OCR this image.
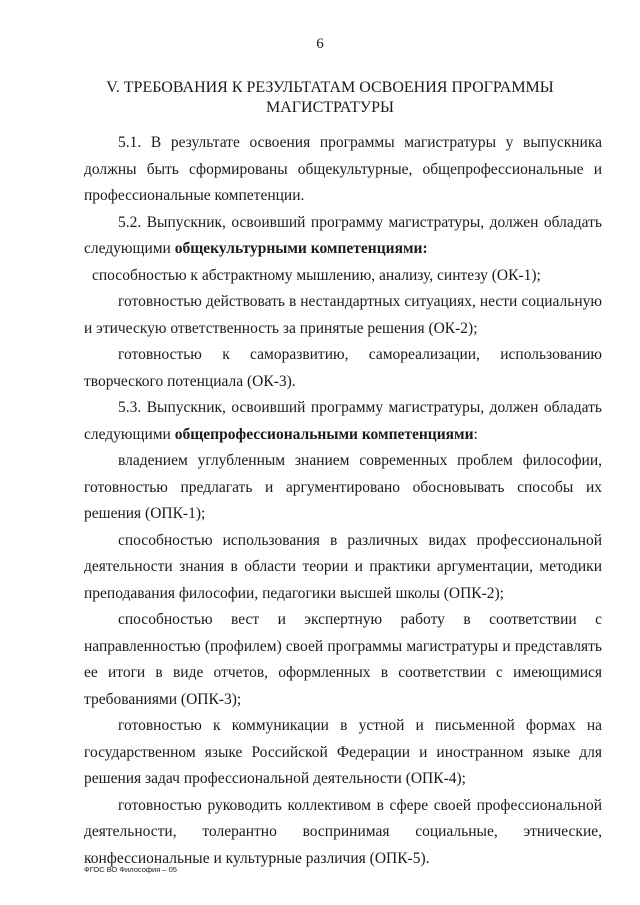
6
V. ТРЕБОВАНИЯ К РЕЗУЛЬТАТАМ ОСВОЕНИЯ ПРОГРАММЫ
МАГИСТРАТУРЫ

5.1. В результате освоения программы магистратуры у выпускника должны быть сформированы общекультурные, общепрофессиональные и профессиональные компетенции.

5.2. Выпускник, освоивший программу магистратуры, должен обладать следующими общекультурными компетенциями:

способностью к абстрактному мышлению, анализу, синтезу (ОК-1);

готовностью действовать в нестандартных ситуациях, нести социальную и этическую ответственность за принятые решения (ОК-2);

готовностью к саморазвитию, самореализации, использованию творческого потенциала (ОК-3).

5.3. Выпускник, освоивший программу магистратуры, должен обладать следующими общепрофессиональными компетенциями:

владением углубленным знанием современных проблем философии, готовностью предлагать и аргументировано обосновывать способы их решения (ОПК-1);

способностью использования в различных видах профессиональной деятельности знания в области теории и практики аргументации, методики преподавания философии, педагогики высшей школы (ОПК-2);

способностью вест и экспертную работу в соответствии с направленностью (профилем) своей программы магистратуры и представлять ее итоги в виде отчетов, оформленных в соответствии с имеющимися требованиями (ОПК-3);

готовностью к коммуникации в устной и письменной формах на государственном языке Российской Федерации и иностранном языке для решения задач профессиональной деятельности (ОПК-4);

готовностью руководить коллективом в сфере своей профессиональной деятельности, толерантно воспринимая социальные, этнические, конфессиональные и культурные различия (ОПК-5).

ФГОС ВО Философия – 05
